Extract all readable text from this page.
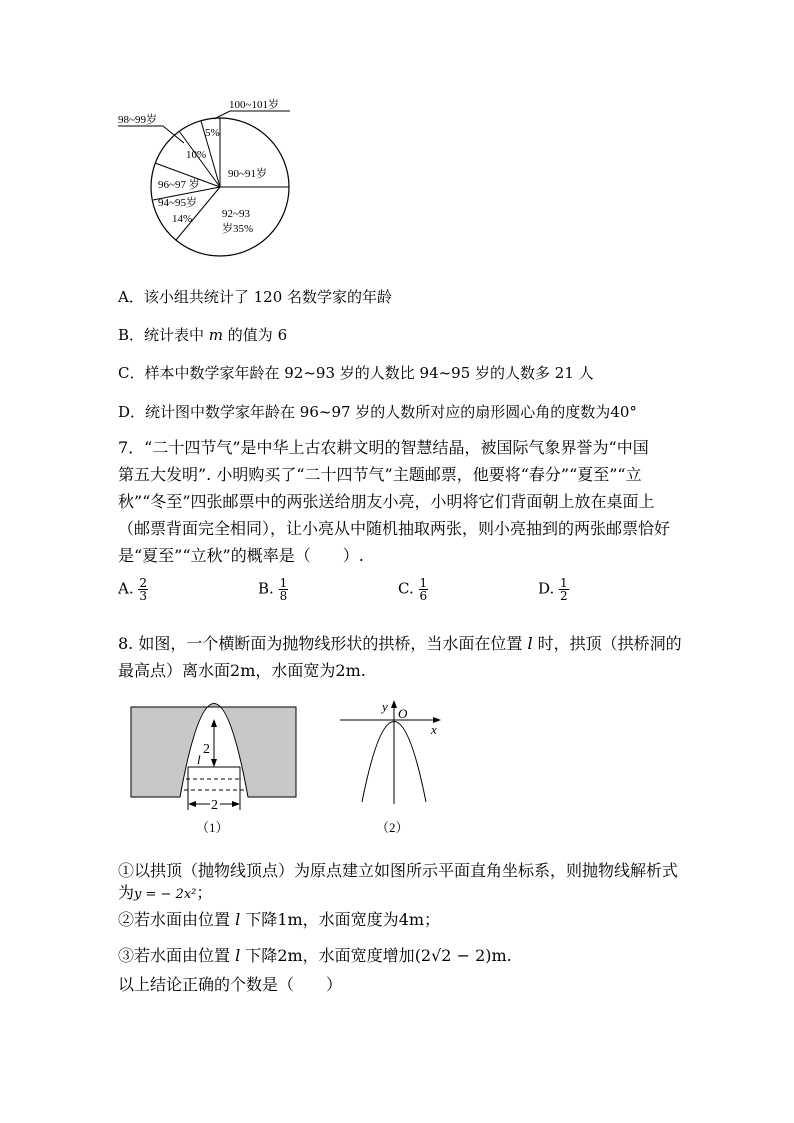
100~101岁
98~99岁
5%
10%
90~91岁
96~97 岁
94~95岁
14%	92~93
岁35%
A．该小组共统计了 120 名数学家的年龄
B．统计表中 m 的值为 6
C．样本中数学家年龄在 92~93 岁的人数比 94~95 岁的人数多 21 人
D．统计图中数学家年龄在 96~97 岁的人数所对应的扇形圆心角的度数为40°
7．“二十四节气”是中华上古农耕文明的智慧结晶，被国际气象界誉为“中国
第五大发明”. 小明购买了“二十四节气”主题邮票，他要将“春分”“夏至”“立
秋”“冬至”四张邮票中的两张送给朋友小亮，小明将它们背面朝上放在桌面上
（邮票背面完全相同），让小亮从中随机抽取两张，则小亮抽到的两张邮票恰好
是“夏至”“立秋”的概率是（　　）.
A. $\frac{2}{3}$	B. $\frac{1}{8}$	C. $\frac{1}{6}$	D. $\frac{1}{2}$
8. 如图，一个横断面为抛物线形状的拱桥，当水面在位置 l 时，拱顶（拱桥洞的
最高点）离水面2m，水面宽为2m.
2
l
2
（1）
y O
x
（2）
①以拱顶（抛物线顶点）为原点建立如图所示平面直角坐标系，则抛物线解析式
为y = − 2x²；
②若水面由位置 l 下降1m，水面宽度为4m；
③若水面由位置 l 下降2m，水面宽度增加(2√2 − 2)m.
以上结论正确的个数是（　　）
